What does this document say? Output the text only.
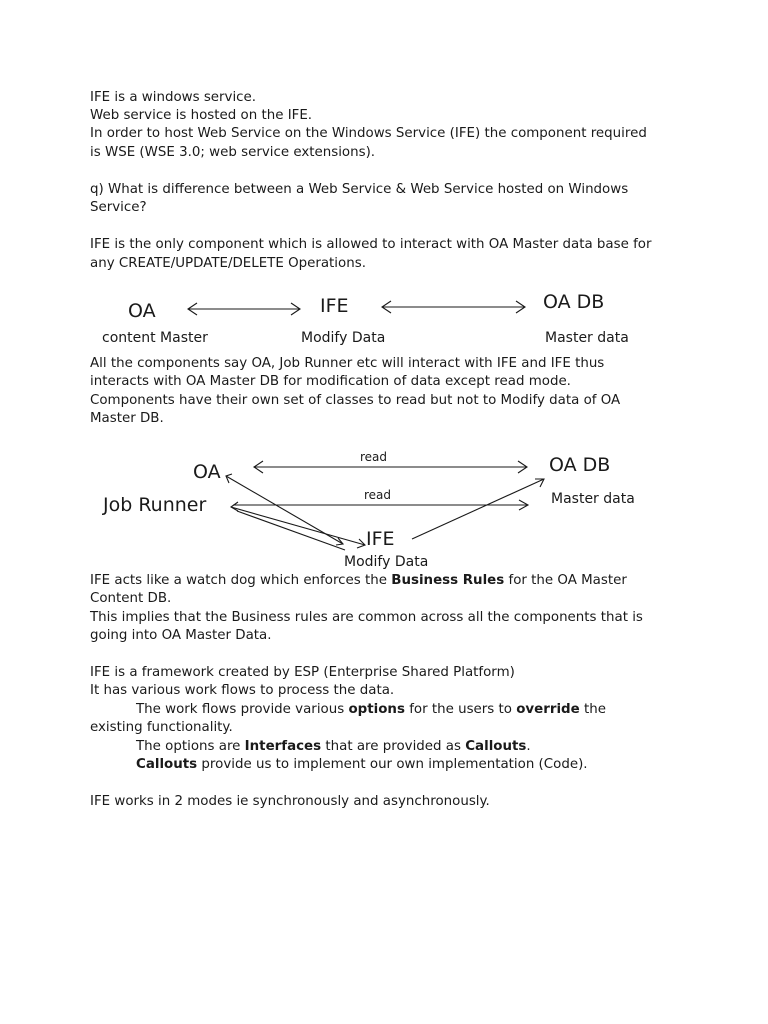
IFE is a windows service.
Web service is hosted on the IFE.
In order to host Web Service on the Windows Service (IFE) the component required
is WSE (WSE 3.0; web service extensions).
q) What is difference between a Web Service & Web Service hosted on Windows
Service?
IFE is the only component which is allowed to interact with OA Master data base for
any CREATE/UPDATE/DELETE Operations.
OA
content Master
IFE
Modify Data
OA DB
Master data
All the components say OA, Job Runner etc will interact with IFE and IFE thus
interacts with OA Master DB for modification of data except read mode.
Components have their own set of classes to read but not to Modify data of OA
Master DB.
OA
Job Runner
read
read
OA DB
Master data
IFE
Modify Data
IFE acts like a watch dog which enforces the Business Rules for the OA Master
Content DB.
This implies that the Business rules are common across all the components that is
going into OA Master Data.
IFE is a framework created by ESP (Enterprise Shared Platform)
It has various work flows to process the data.
The work flows provide various options for the users to override the
existing functionality.
The options are Interfaces that are provided as Callouts.
Callouts provide us to implement our own implementation (Code).
IFE works in 2 modes ie synchronously and asynchronously.
